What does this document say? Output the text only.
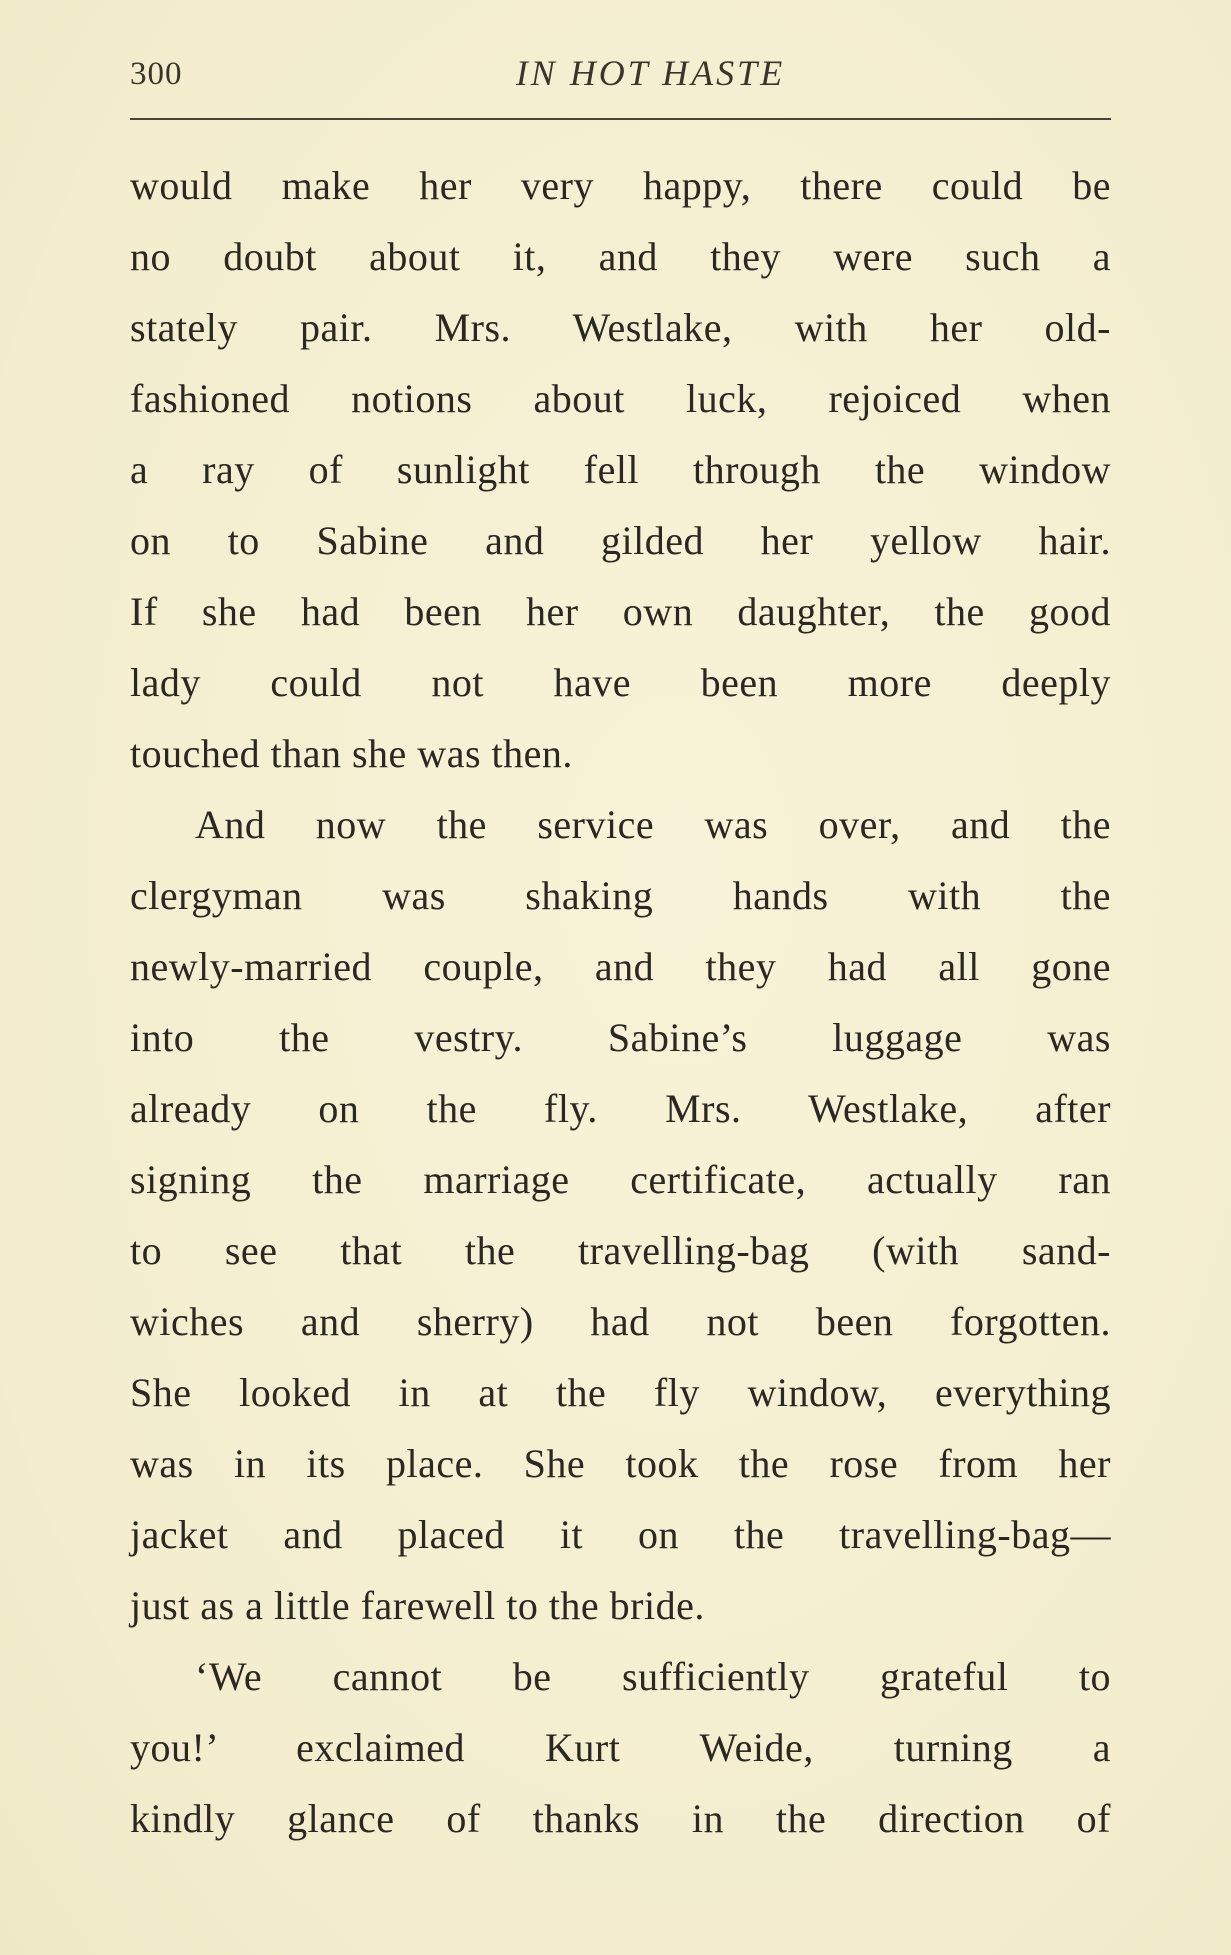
300	IN HOT HASTE
would make her very happy, there could be
no doubt about it, and they were such a
stately pair. Mrs. Westlake, with her old-
fashioned notions about luck, rejoiced when
a ray of sunlight fell through the window
on to Sabine and gilded her yellow hair.
If she had been her own daughter, the good
lady could not have been more deeply
touched than she was then.
And now the service was over, and the
clergyman was shaking hands with the
newly-married couple, and they had all gone
into the vestry. Sabine’s luggage was
already on the fly. Mrs. Westlake, after
signing the marriage certificate, actually ran
to see that the travelling-bag (with sand-
wiches and sherry) had not been forgotten.
She looked in at the fly window, everything
was in its place. She took the rose from her
jacket and placed it on the travelling-bag—
just as a little farewell to the bride.
‘We cannot be sufficiently grateful to
you!’ exclaimed Kurt Weide, turning a
kindly glance of thanks in the direction of
